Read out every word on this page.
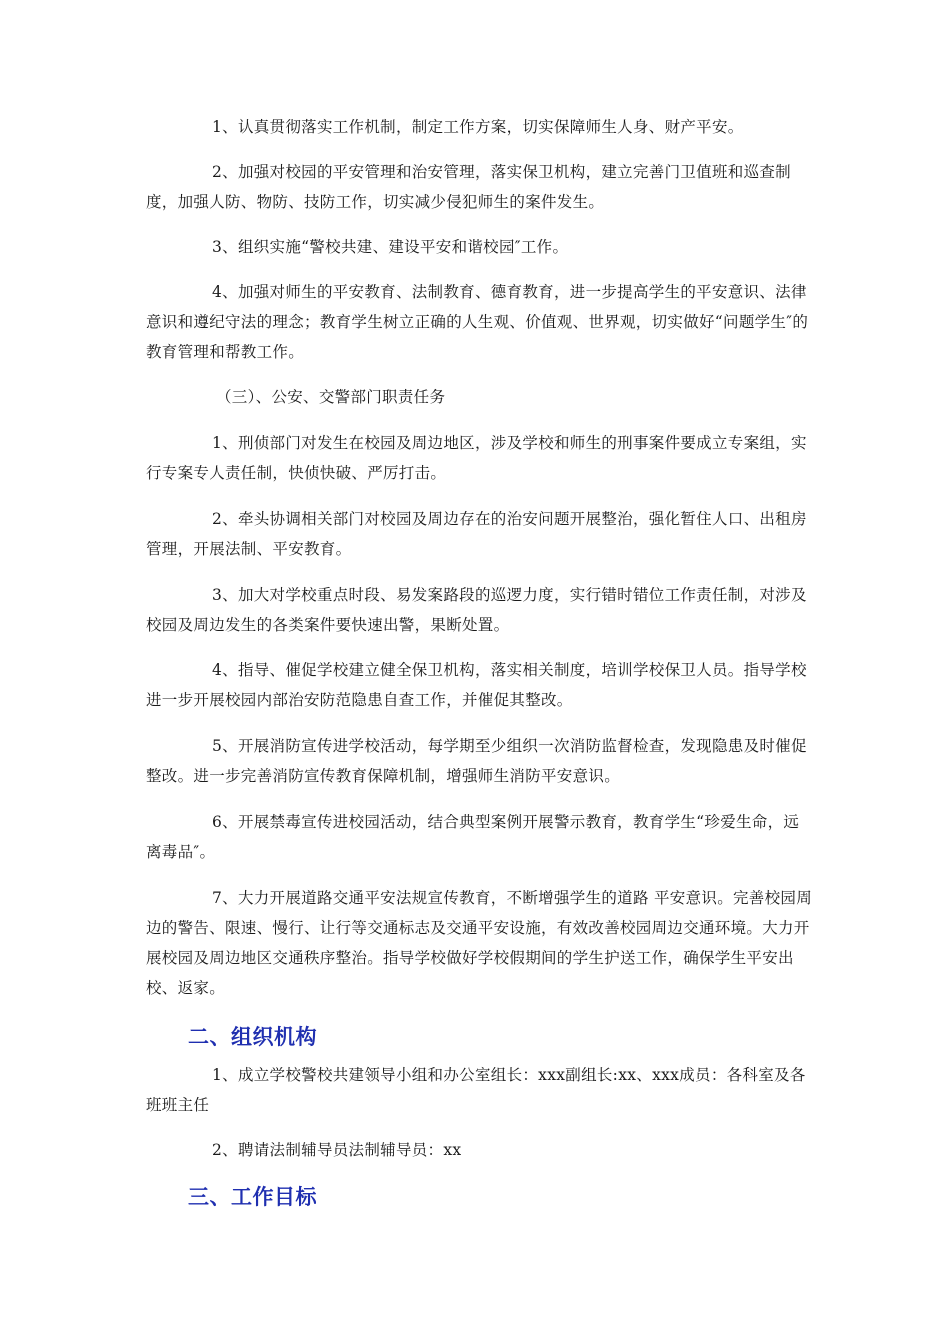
1、认真贯彻落实工作机制，制定工作方案，切实保障师生人身、财产平安。

2、加强对校园的平安管理和治安管理，落实保卫机构，建立完善门卫值班和巡查制度，加强人防、物防、技防工作，切实减少侵犯师生的案件发生。

3、组织实施“警校共建、建设平安和谐校园″工作。

4、加强对师生的平安教育、法制教育、德育教育，进一步提高学生的平安意识、法律意识和遵纪守法的理念；教育学生树立正确的人生观、价值观、世界观，切实做好“问题学生″的教育管理和帮教工作。

（三）、公安、交警部门职责任务

1、刑侦部门对发生在校园及周边地区，涉及学校和师生的刑事案件要成立专案组，实行专案专人责任制，快侦快破、严厉打击。

2、牵头协调相关部门对校园及周边存在的治安问题开展整治，强化暂住人口、出租房管理，开展法制、平安教育。

3、加大对学校重点时段、易发案路段的巡逻力度，实行错时错位工作责任制，对涉及校园及周边发生的各类案件要快速出警，果断处置。

4、指导、催促学校建立健全保卫机构，落实相关制度，培训学校保卫人员。指导学校进一步开展校园内部治安防范隐患自查工作，并催促其整改。

5、开展消防宣传进学校活动，每学期至少组织一次消防监督检查，发现隐患及时催促整改。进一步完善消防宣传教育保障机制，增强师生消防平安意识。

6、开展禁毒宣传进校园活动，结合典型案例开展警示教育，教育学生“珍爱生命，远离毒品″。

7、大力开展道路交通平安法规宣传教育，不断增强学生的道路 平安意识。完善校园周边的警告、限速、慢行、让行等交通标志及交通平安设施，有效改善校园周边交通环境。大力开展校园及周边地区交通秩序整治。指导学校做好学校假期间的学生护送工作，确保学生平安出校、返家。

二、组织机构

1、成立学校警校共建领导小组和办公室组长：xxx副组长:xx、xxx成员：各科室及各班班主任

2、聘请法制辅导员法制辅导员：xx

三、工作目标
